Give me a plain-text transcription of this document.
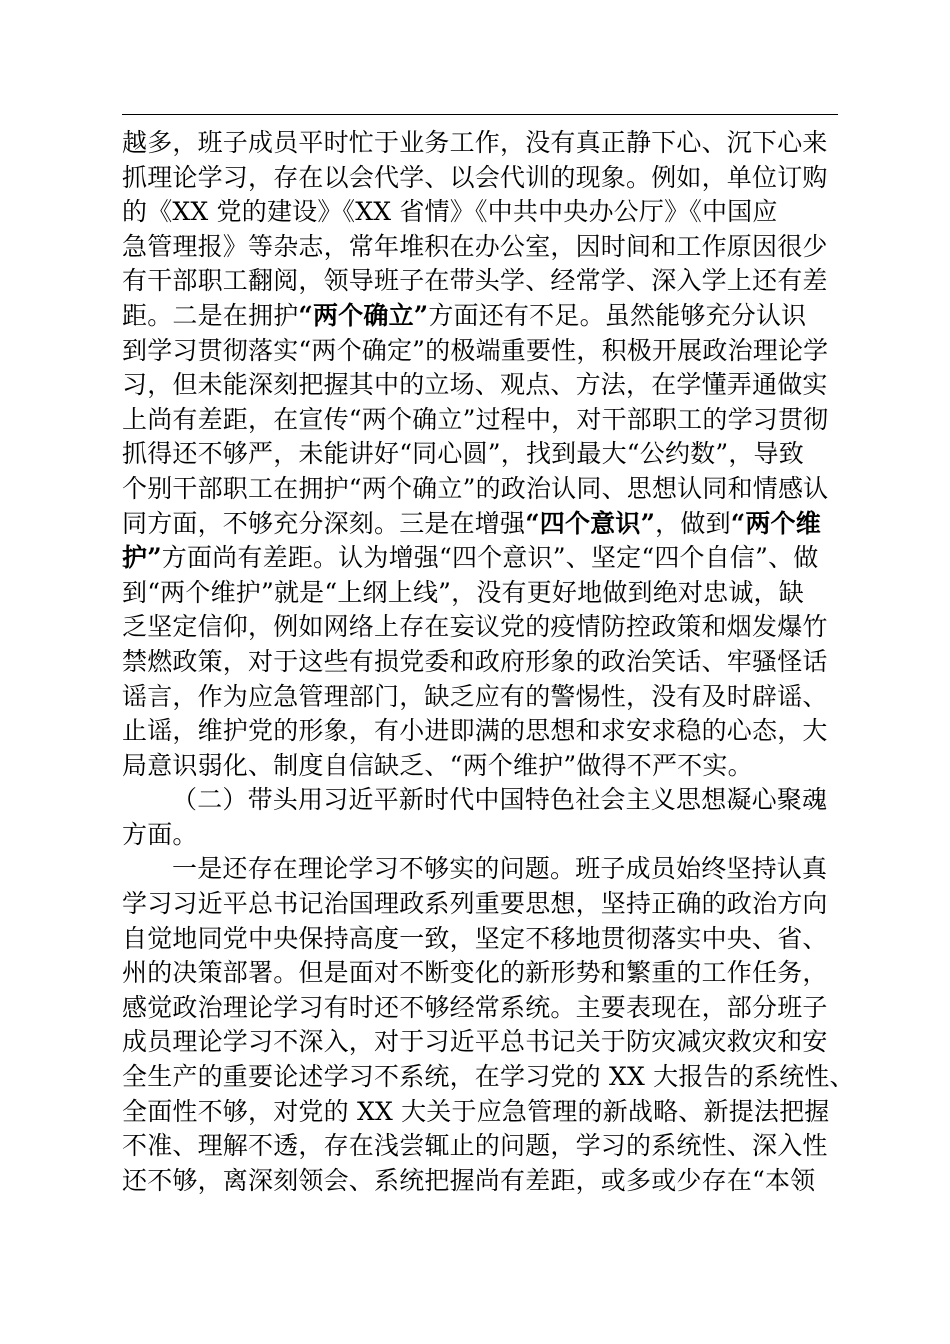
越多，班子成员平时忙于业务工作，没有真正静下心、沉下心来
抓理论学习，存在以会代学、以会代训的现象。例如，单位订购
的《XX 党的建设》《XX 省情》《中共中央办公厅》《中国应
急管理报》等杂志，常年堆积在办公室，因时间和工作原因很少
有干部职工翻阅，领导班子在带头学、经常学、深入学上还有差
距。二是在拥护“两个确立”方面还有不足。虽然能够充分认识
到学习贯彻落实“两个确定”的极端重要性，积极开展政治理论学
习，但未能深刻把握其中的立场、观点、方法，在学懂弄通做实
上尚有差距，在宣传“两个确立”过程中，对干部职工的学习贯彻
抓得还不够严，未能讲好“同心圆”，找到最大“公约数”，导致
个别干部职工在拥护“两个确立”的政治认同、思想认同和情感认
同方面，不够充分深刻。三是在增强“四个意识”，做到“两个维
护”方面尚有差距。认为增强“四个意识”、坚定“四个自信”、做
到“两个维护”就是“上纲上线”，没有更好地做到绝对忠诚，缺
乏坚定信仰，例如网络上存在妄议党的疫情防控政策和烟发爆竹
禁燃政策，对于这些有损党委和政府形象的政治笑话、牢骚怪话
谣言，作为应急管理部门，缺乏应有的警惕性，没有及时辟谣、
止谣，维护党的形象，有小进即满的思想和求安求稳的心态，大
局意识弱化、制度自信缺乏、“两个维护”做得不严不实。
（二）带头用习近平新时代中国特色社会主义思想凝心聚魂
方面。
一是还存在理论学习不够实的问题。班子成员始终坚持认真
学习习近平总书记治国理政系列重要思想，坚持正确的政治方向
自觉地同党中央保持高度一致，坚定不移地贯彻落实中央、省、
州的决策部署。但是面对不断变化的新形势和繁重的工作任务，
感觉政治理论学习有时还不够经常系统。主要表现在，部分班子
成员理论学习不深入，对于习近平总书记关于防灾减灾救灾和安
全生产的重要论述学习不系统，在学习党的 XX 大报告的系统性、
全面性不够，对党的 XX 大关于应急管理的新战略、新提法把握
不准、理解不透，存在浅尝辄止的问题，学习的系统性、深入性
还不够，离深刻领会、系统把握尚有差距，或多或少存在“本领
